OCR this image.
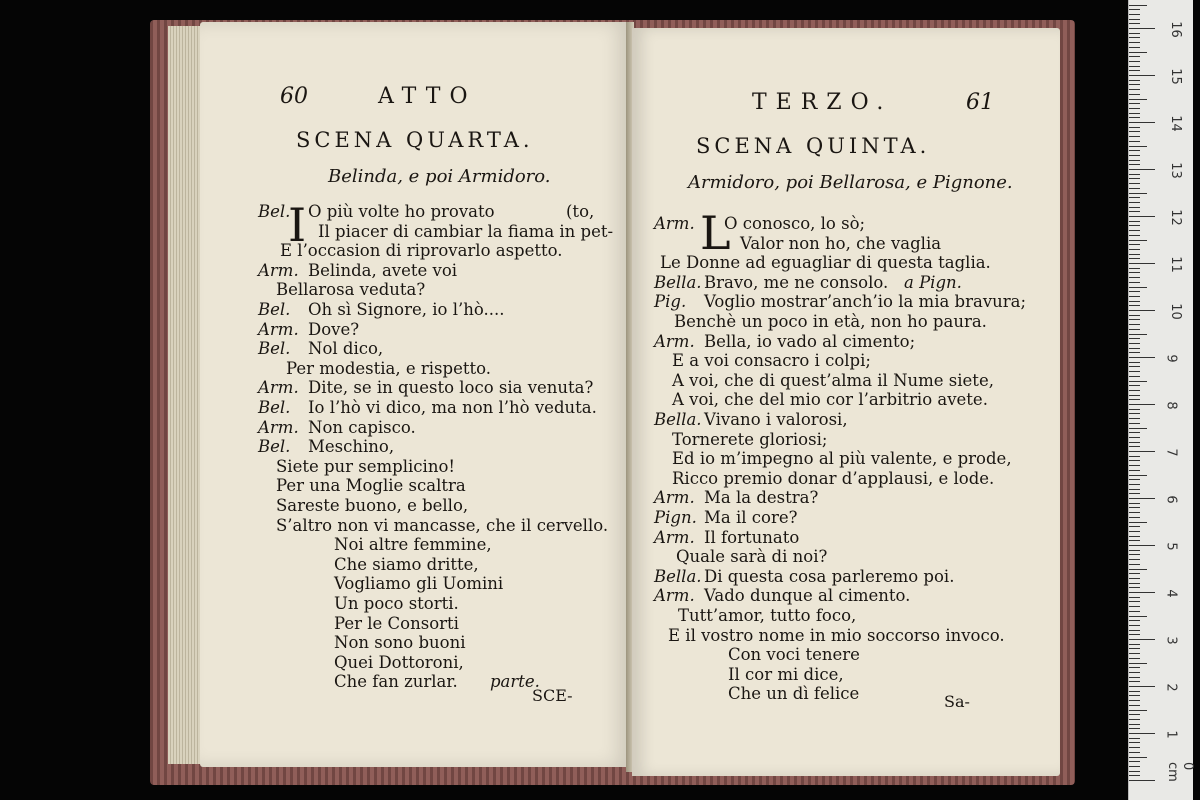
60	ATTO
SCENA QUARTA.
Belinda, e poi Armidoro.
I
Bel. O più volte ho provato	(to,
Il piacer di cambiar la fiama in pet-
E l’occasion di riprovarlo aspetto.
Arm. Belinda, avete voi
Bellarosa veduta?
Bel. Oh sì Signore, io l’hò....
Arm. Dove?
Bel. Nol dico,
Per modestia, e rispetto.
Arm. Dite, se in questo loco sia venuta?
Bel. Io l’hò vi dico, ma non l’hò veduta.
Arm. Non capisco.
Bel. Meschino,
Siete pur semplicino!
Per una Moglie scaltra
Sareste buono, e bello,
S’altro non vi mancasse, che il cervello.
Noi altre femmine,
Che siamo dritte,
Vogliamo gli Uomini
Un poco storti.
Per le Consorti
Non sono buoni
Quei Dottoroni,
Che fan zurlar. parte.
SCE-
TERZO.	61
SCENA QUINTA.
Armidoro, poi Bellarosa, e Pignone.
L
Arm. O conosco, lo sò;
Valor non ho, che vaglia
Le Donne ad eguagliar di questa taglia.
Bella. Bravo, me ne consolo. a Pign.
Pig. Voglio mostrar’anch’io la mia bravura;
Benchè un poco in età, non ho paura.
Arm. Bella, io vado al cimento;
E a voi consacro i colpi;
A voi, che di quest’alma il Nume siete,
A voi, che del mio cor l’arbitrio avete.
Bella. Vivano i valorosi,
Tornerete gloriosi;
Ed io m’impegno al più valente, e prode,
Ricco premio donar d’applausi, e lode.
Arm. Ma la destra?
Pign. Ma il core?
Arm. Il fortunato
Quale sarà di noi?
Bella. Di questa cosa parleremo poi.
Arm. Vado dunque al cimento.
Tutt’amor, tutto foco,
E il vostro nome in mio soccorso invoco.
Con voci tenere
Il cor mi dice,
Che un dì felice	Sa-
0 cm
1
2
3
4
5
6
7
8
9
10
11
12
13
14
15
16
